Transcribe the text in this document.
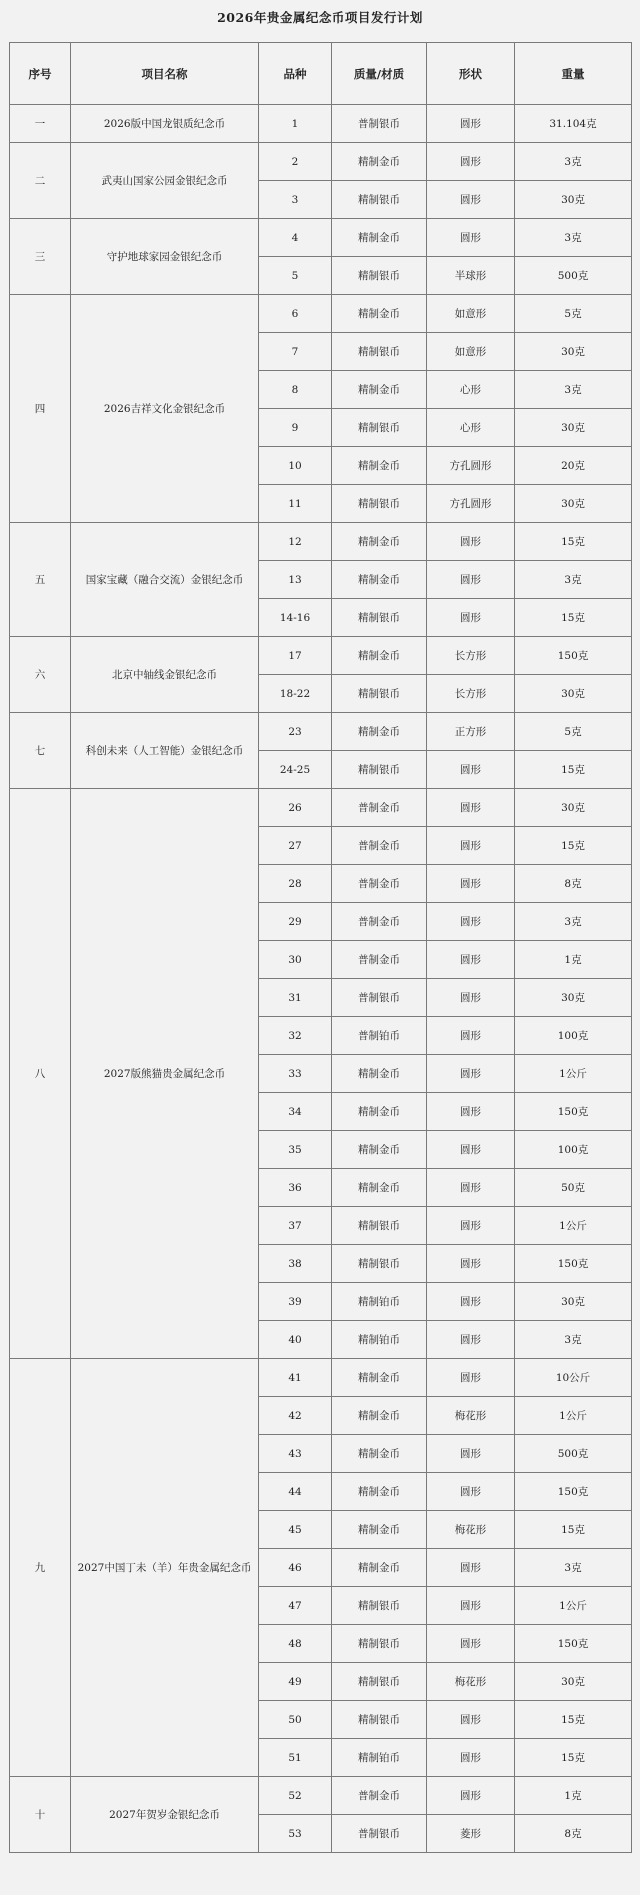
2026年贵金属纪念币项目发行计划
序号	项目名称	品种	质量/材质	形状	重量
一	2026版中国龙银质纪念币	1	普制银币	圆形	31.104克
二	武夷山国家公园金银纪念币	2	精制金币	圆形	3克
		3	精制银币	圆形	30克
三	守护地球家园金银纪念币	4	精制金币	圆形	3克
		5	精制银币	半球形	500克
四	2026吉祥文化金银纪念币	6	精制金币	如意形	5克
		7	精制银币	如意形	30克
		8	精制金币	心形	3克
		9	精制银币	心形	30克
		10	精制金币	方孔圆形	20克
		11	精制银币	方孔圆形	30克
五	国家宝藏（融合交流）金银纪念币	12	精制金币	圆形	15克
		13	精制金币	圆形	3克
		14-16	精制银币	圆形	15克
六	北京中轴线金银纪念币	17	精制金币	长方形	150克
		18-22	精制银币	长方形	30克
七	科创未来（人工智能）金银纪念币	23	精制金币	正方形	5克
		24-25	精制银币	圆形	15克
八	2027版熊猫贵金属纪念币	26	普制金币	圆形	30克
		27	普制金币	圆形	15克
		28	普制金币	圆形	8克
		29	普制金币	圆形	3克
		30	普制金币	圆形	1克
		31	普制银币	圆形	30克
		32	普制铂币	圆形	100克
		33	精制金币	圆形	1公斤
		34	精制金币	圆形	150克
		35	精制金币	圆形	100克
		36	精制金币	圆形	50克
		37	精制银币	圆形	1公斤
		38	精制银币	圆形	150克
		39	精制铂币	圆形	30克
		40	精制铂币	圆形	3克
九	2027中国丁未（羊）年贵金属纪念币	41	精制金币	圆形	10公斤
		42	精制金币	梅花形	1公斤
		43	精制金币	圆形	500克
		44	精制金币	圆形	150克
		45	精制金币	梅花形	15克
		46	精制金币	圆形	3克
		47	精制银币	圆形	1公斤
		48	精制银币	圆形	150克
		49	精制银币	梅花形	30克
		50	精制银币	圆形	15克
		51	精制铂币	圆形	15克
十	2027年贺岁金银纪念币	52	普制金币	圆形	1克
		53	普制银币	菱形	8克
